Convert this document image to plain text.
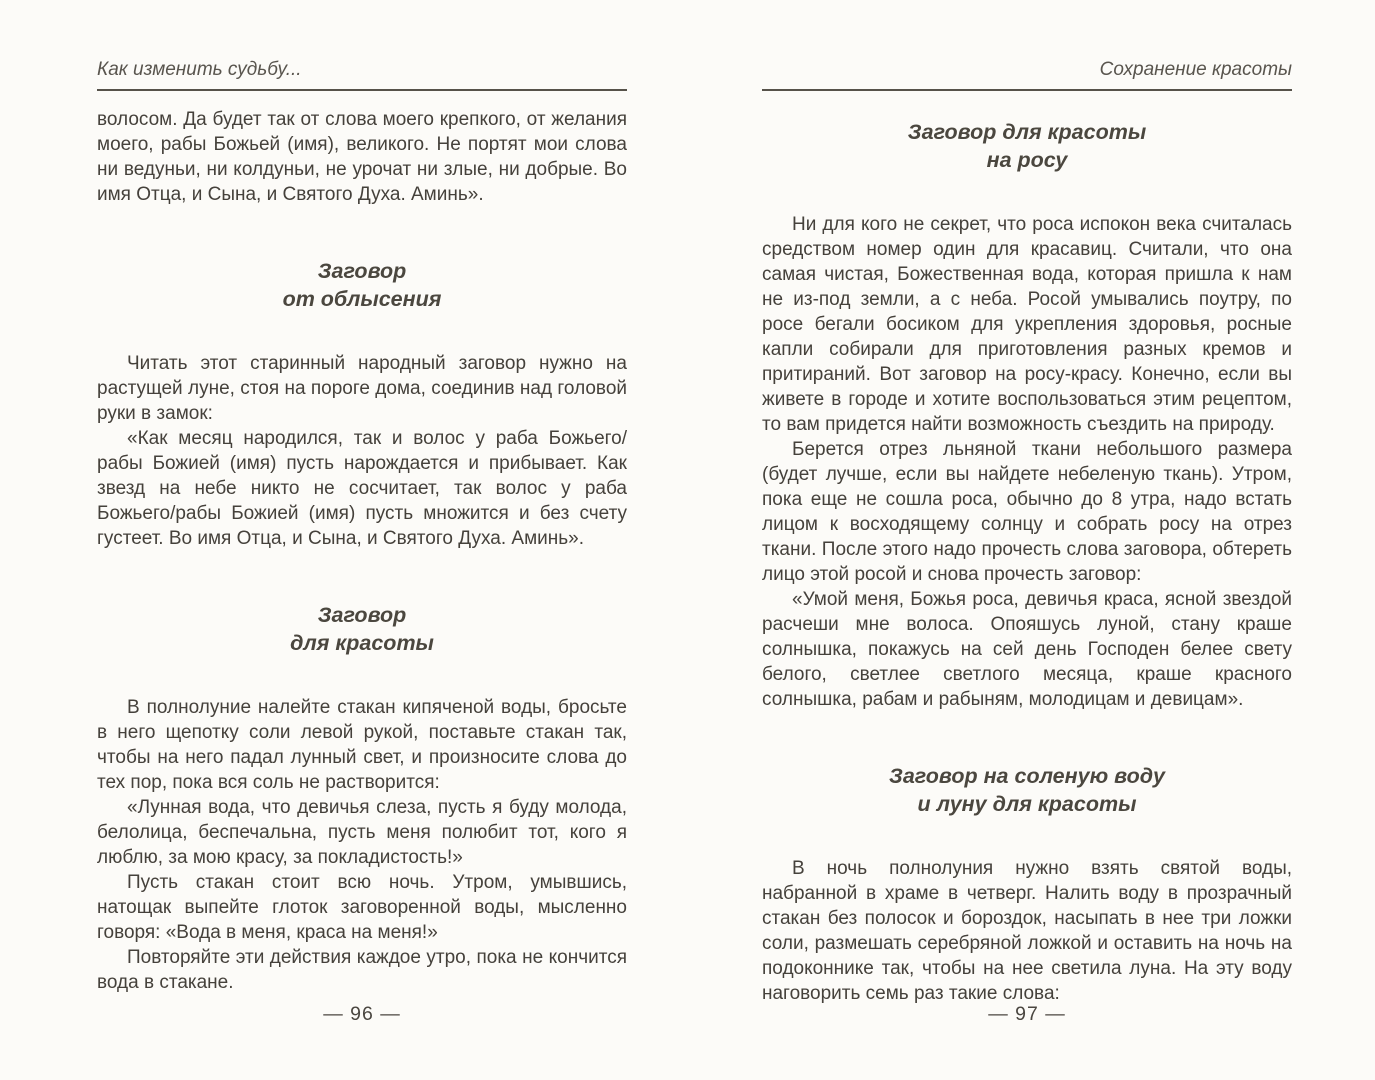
Как изменить судьбу...

волосом. Да будет так от слова моего крепкого, от желания моего, рабы Божьей (имя), великого. Не портят мои слова ни ведуньи, ни колдуньи, не урочат ни злые, ни добрые. Во имя Отца, и Сына, и Святого Духа. Аминь».

Заговор
от облысения

Читать этот старинный народный заговор нужно на растущей луне, стоя на пороге дома, соединив над головой руки в замок:

«Как месяц народился, так и волос у раба Божьего/рабы Божией (имя) пусть нарождается и прибывает. Как звезд на небе никто не сосчитает, так волос у раба Божьего/рабы Божией (имя) пусть множится и без счету густеет. Во имя Отца, и Сына, и Святого Духа. Аминь».

Заговор
для красоты

В полнолуние налейте стакан кипяченой воды, бросьте в него щепотку соли левой рукой, поставьте стакан так, чтобы на него падал лунный свет, и произносите слова до тех пор, пока вся соль не растворится:

«Лунная вода, что девичья слеза, пусть я буду молода, белолица, беспечальна, пусть меня полюбит тот, кого я люблю, за мою красу, за покладистость!»

Пусть стакан стоит всю ночь. Утром, умывшись, натощак выпейте глоток заговоренной воды, мысленно говоря: «Вода в меня, краса на меня!»

Повторяйте эти действия каждое утро, пока не кончится вода в стакане.

— 96 —
Сохранение красоты
Заговор для красоты
на росу

Ни для кого не секрет, что роса испокон века считалась средством номер один для красавиц. Считали, что она самая чистая, Божественная вода, которая пришла к нам не из-под земли, а с неба. Росой умывались поутру, по росе бегали босиком для укрепления здоровья, росные капли собирали для приготовления разных кремов и притираний. Вот заговор на росу-красу. Конечно, если вы живете в городе и хотите воспользоваться этим рецептом, то вам придется найти возможность съездить на природу.

Берется отрез льняной ткани небольшого размера (будет лучше, если вы найдете небеленую ткань). Утром, пока еще не сошла роса, обычно до 8 утра, надо встать лицом к восходящему солнцу и собрать росу на отрез ткани. После этого надо прочесть слова заговора, обтереть лицо этой росой и снова прочесть заговор:

«Умой меня, Божья роса, девичья краса, ясной звездой расчеши мне волоса. Опояшусь луной, стану краше солнышка, покажусь на сей день Господен белее свету белого, светлее светлого месяца, краше красного солнышка, рабам и рабыням, молодицам и девицам».

Заговор на соленую воду
и луну для красоты

В ночь полнолуния нужно взять святой воды, набранной в храме в четверг. Налить воду в прозрачный стакан без полосок и бороздок, насыпать в нее три ложки соли, размешать серебряной ложкой и оставить на ночь на подоконнике так, чтобы на нее светила луна. На эту воду наговорить семь раз такие слова:

— 97 —
